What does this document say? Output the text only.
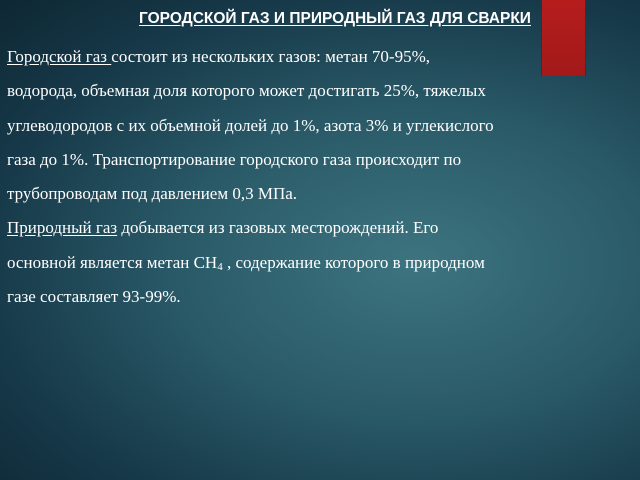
ГОРОДСКОЙ ГАЗ И ПРИРОДНЫЙ ГАЗ ДЛЯ СВАРКИ

Городской газ состоит из нескольких газов: метан 70-95%, водорода, объемная доля которого может достигать 25%, тяжелых углеводородов с их объемной долей до 1%, азота 3% и углекислого газа до 1%. Транспортирование городского газа происходит по трубопроводам под давлением 0,3 МПа.

Природный газ добывается из газовых месторождений. Его основной является метан $CH_4$ , содержание которого в природном газе составляет 93-99%.
